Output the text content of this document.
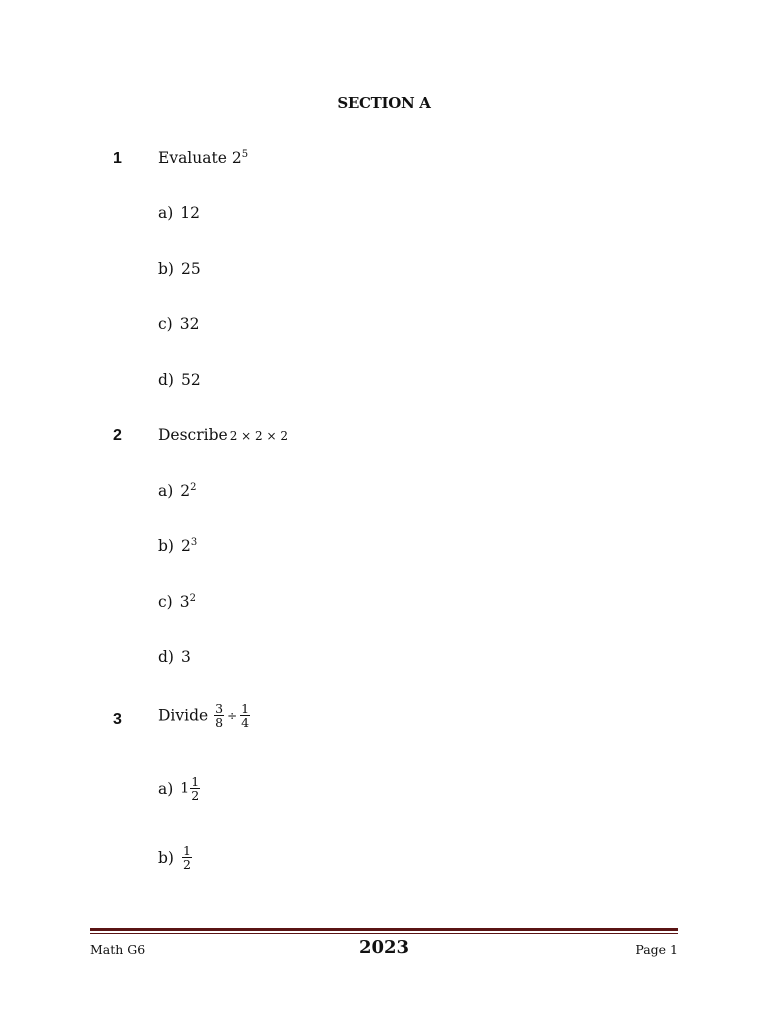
SECTION A
1 Evaluate $2^5$
a) 12
b) 25
c) 32
d) 52
2 Describe 2 × 2 × 2
a) $2^2$
b) $2^3$
c) $3^2$
d) 3
3 Divide $\frac{3}{8} \div \frac{1}{4}$
a) $1 \frac{1}{2}$
$b) \frac{1}{2}$
Math G6	2023	Page 1
